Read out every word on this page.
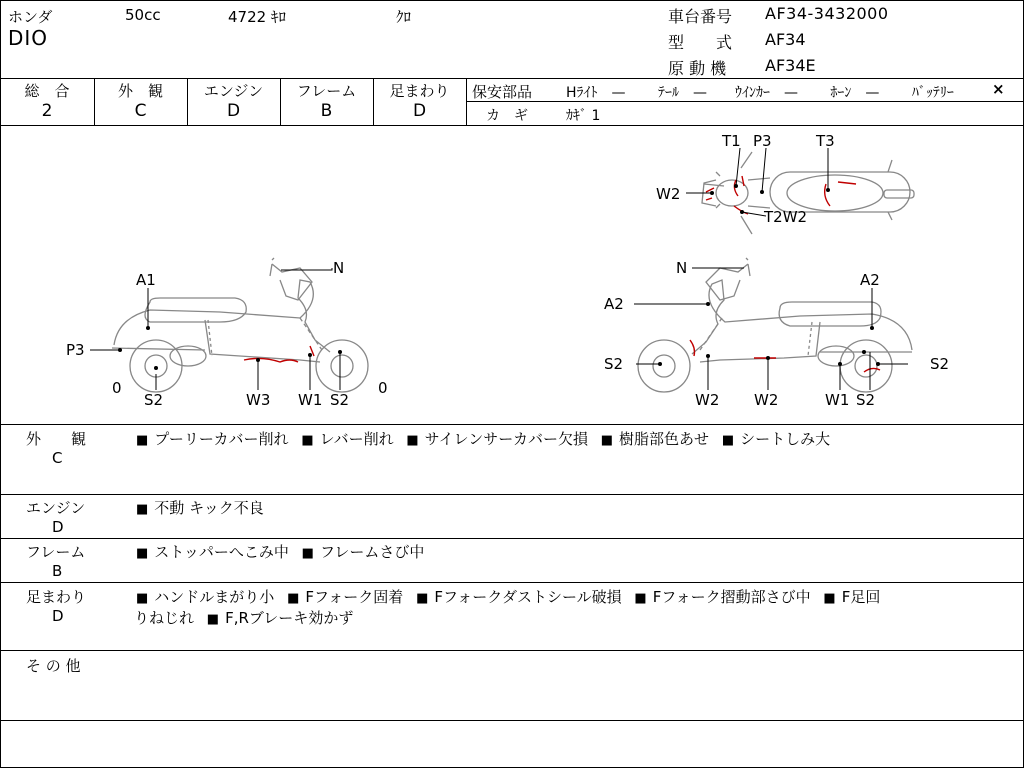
ホンダ	50cc	4722 ｷﾛ	ｸﾛ
DIO
車台番号 AF34-3432000
型　　式 AF34
原 動 機 AF34E
総　合
2
外　観
C
エンジン
D
フレーム
B
足まわり
D
保安部品 Hﾗｲﾄ　—　　 ﾃｰﾙ　—　　ｳｲﾝｶｰ　—　　 ﾎｰﾝ　—　　 ﾊﾞｯﾃﾘｰ	×
カ　ギ	ｶｷﾞ 1
T1 P3	T3
W2
T2W2
N
A1
P3
0
S2	W3 W1 S2
0
N
A2
A2
S2	S2
W2 W2	W1 S2
外　　観
C
■ プーリーカバー削れ ■ レバー削れ ■ サイレンサーカバー欠損 ■ 樹脂部色あせ ■ シートしみ大
エンジン
D
■ 不動 キック不良
フレーム
B
■ ストッパーへこみ中 ■ フレームさび中
足まわり
D
■ ハンドルまがり小 ■ Fフォーク固着 ■ Fフォークダストシール破損 ■ Fフォーク摺動部さび中 ■ F足回
りねじれ ■ F,Rブレーキ効かず
そ の 他
